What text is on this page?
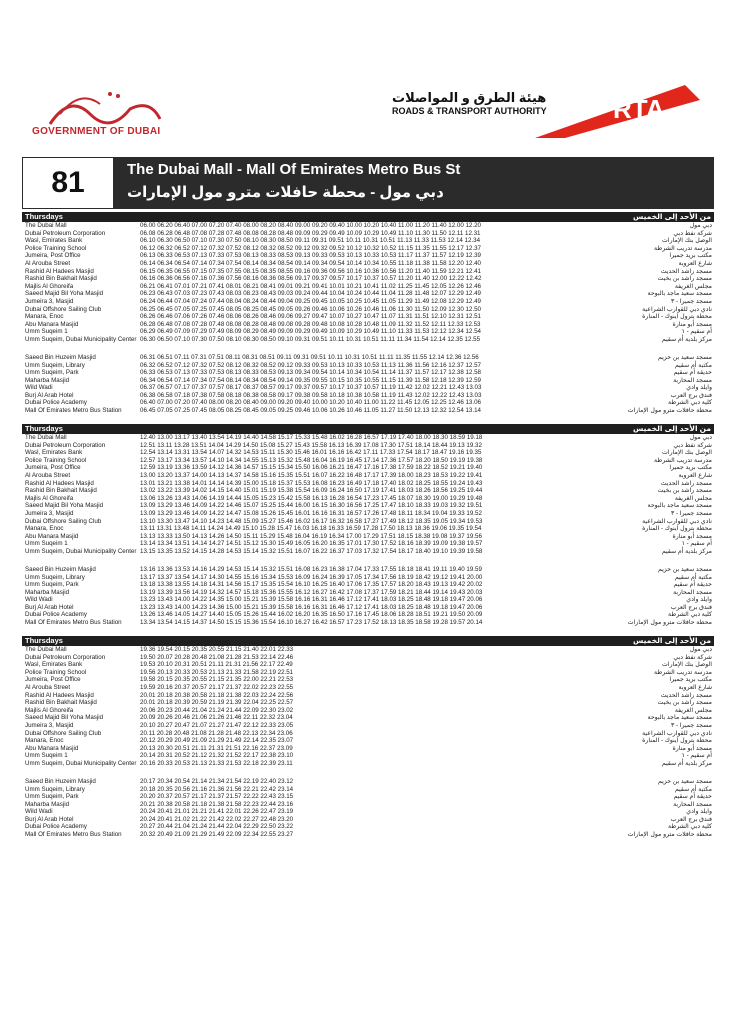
GOVERNMENT OF DUBAI
هيئة الطرق و المواصلات
ROADS & TRANSPORT AUTHORITY	RTA
81	The Dubai Mall - Mall Of Emirates Metro Bus St
دبي مول - محطة حافلات مترو مول الإمارات
Thursdays	من الأحد إلى الخميس
The Dubai Mall	06.00 06.20 06.40 07.00 07.20 07.40 08.00 08.20 08.40 09.00 09.20 09.40 10.00 10.20 10.40 11.00 11.20 11.40 12.00 12.20	دبي مول
Dubai Petroleum Corporation	06.08 06.28 06.48 07.08 07.28 07.48 08.08 08.28 08.48 09.09 09.29 09.49 10.09 10.29 10.49 11.10 11.30 11.50 12.11 12.31	شركة نفط دبي
Wasl, Emirates Bank	06.10 06.30 06.50 07.10 07.30 07.50 08.10 08.30 08.50 09.11 09.31 09.51 10.11 10.31 10.51 11.13 11.33 11.53 12.14 12.34	الوصل بنك الإمارات
Police Training School	06.12 06.32 06.52 07.12 07.32 07.52 08.12 08.32 08.52 09.12 09.32 09.52 10.12 10.32 10.52 11.15 11.35 11.55 12.17 12.37	مدرسة تدريب الشرطة
Jumeira, Post Office	06.13 06.33 06.53 07.13 07.33 07.53 08.13 08.33 08.53 09.13 09.33 09.53 10.13 10.33 10.53 11.17 11.37 11.57 12.19 12.39	مكتب بريد جميرا
Al Arouba Street	06.14 06.34 06.54 07.14 07.34 07.54 08.14 08.34 08.54 09.14 09.34 09.54 10.14 10.34 10.55 11.18 11.38 11.58 12.20 12.40	شارع العروبة
Rashid Al Hadees Masjid	06.15 06.35 06.55 07.15 07.35 07.55 08.15 08.35 08.55 09.16 09.36 09.56 10.16 10.36 10.56 11.20 11.40 11.59 12.21 12.41	مسجد راشد الحديث
Rashid Bin Bakhait Masjid	06.16 06.36 06.56 07.16 07.36 07.56 08.16 08.36 08.56 09.17 09.37 09.57 10.17 10.37 10.57 11.20 11.40 12.00 12.22 12.42	مسجد راشد بن بخيت
Majlis Al Ghoreifa	06.21 06.41 07.01 07.21 07.41 08.01 08.21 08.41 09.01 09.21 09.41 10.01 10.21 10.41 11.02 11.25 11.45 12.05 12.26 12.46	مجلس الغريفة
Saeed Majid Bil Yoha Masjid	06.23 06.43 07.03 07.23 07.43 08.03 08.23 08.43 09.03 09.24 09.44 10.04 10.24 10.44 11.04 11.28 11.48 12.07 12.29 12.49	مسجد سعيد ماجد بالبوحة
Jumeira 3, Masjid	06.24 06.44 07.04 07.24 07.44 08.04 08.24 08.44 09.04 09.25 09.45 10.05 10.25 10.45 11.05 11.29 11.49 12.08 12.29 12.49	مسجد جميرا - ٣
Dubai Offshore Sailing Club	06.25 06.45 07.05 07.25 07.45 08.05 08.25 08.45 09.05 09.26 09.46 10.06 10.26 10.46 11.06 11.30 11.50 12.09 12.30 12.50	نادي دبي للقوارب الشراعية
Manara, Enoc	06.26 06.46 07.06 07.26 07.46 08.06 08.26 08.46 09.06 09.27 09.47 10.07 10.27 10.47 11.07 11.31 11.51 12.10 12.31 12.51	محطة بترول اينوك - المنارة
Abu Manara Masjid	06.28 06.48 07.08 07.28 07.48 08.08 08.28 08.48 09.08 09.28 09.48 10.08 10.28 10.48 11.09 11.32 11.52 12.11 12.33 12.53	مسجد أبو منارة
Umm Suqeim 1	06.29 06.49 07.09 07.29 07.49 08.09 08.29 08.49 09.09 09.29 09.49 10.09 10.29 10.49 11.10 11.33 11.53 12.12 12.34 12.54	أم سقيم - ١
Umm Suqeim, Dubai Municipality Center 06.30 06.50 07.10 07.30 07.50 08.10 08.30 08.50 09.10 09.31 09.51 10.11 10.31 10.51 11.11 11.34 11.54 12.14 12.35 12.55	مركز بلدية أم سقيم
Saeed Bin Huzeim Masjid	06.31 06.51 07.11 07.31 07.51 08.11 08.31 08.51 09.11 09.31 09.51 10.11 10.31 10.51 11.11 11.35 11.55 12.14 12.36 12.56	مسجد سعيد بن حزيم
Umm Suqeim, Library	06.32 06.52 07.12 07.32 07.52 08.12 08.32 08.52 09.12 09.33 09.53 10.13 10.33 10.53 11.13 11.36 11.56 12.16 12.37 12.57	مكتبة أم سقيم
Umm Suqeim, Park	06.33 06.53 07.13 07.33 07.53 08.13 08.33 08.53 09.13 09.34 09.54 10.14 10.34 10.54 11.14 11.37 11.57 12.17 12.38 12.58	حديقة أم سقيم
Maharba Masjid	06.34 06.54 07.14 07.34 07.54 08.14 08.34 08.54 09.14 09.35 09.55 10.15 10.35 10.55 11.15 11.39 11.58 12.18 12.39 12.59	مسجد المحاربة
Wild Wadi	06.37 06.57 07.17 07.37 07.57 08.17 08.37 08.57 09.17 09.37 09.57 10.17 10.37 10.57 11.19 11.42 12.02 12.21 12.43 13.03	وايلد وادي
Burj Al Arab Hotel	06.38 06.58 07.18 07.38 07.58 08.18 08.38 08.58 09.17 09.38 09.58 10.18 10.38 10.58 11.19 11.43 12.02 12.22 12.43 13.03	فندق برج العرب
Dubai Police Academy	06.40 07.00 07.20 07.40 08.00 08.20 08.40 09.00 09.20 09.40 10.00 10.20 10.40 11.00 11.22 11.45 12.05 12.25 12.46 13.06	كلية دبي الشرطة
Mall Of Emirates Metro Bus Station	06.45 07.05 07.25 07.45 08.05 08.25 08.45 09.05 09.25 09.46 10.06 10.26 10.46 11.05 11.27 11.50 12.13 12.32 12.54 13.14	محطة حافلات مترو مول الإمارات
Thursdays	من الأحد إلى الخميس
The Dubai Mall	12.40 13.00 13.17 13.40 13.54 14.19 14.40 14.58 15.17 15.33 15.48 16.02 16.28 16.57 17.19 17.40 18.00 18.30 18.59 19.18	دبي مول
Dubai Petroleum Corporation	12.51 13.11 13.28 13.51 14.04 14.29 14.50 15.08 15.27 15.43 15.58 16.13 16.39 17.08 17.30 17.51 18.14 18.44 19.13 19.32	شركة نفط دبي
Wasl, Emirates Bank	12.54 13.14 13.31 13.54 14.07 14.32 14.53 15.11 15.30 15.46 16.01 16.16 16.42 17.11 17.33 17.54 18.17 18.47 19.16 19.35	الوصل بنك الإمارات
Police Training School	12.57 13.17 13.34 13.57 14.10 14.34 14.55 15.13 15.32 15.48 16.04 16.19 16.45 17.14 17.36 17.57 18.20 18.50 19.19 19.38	مدرسة تدريب الشرطة
Jumeira, Post Office	12.59 13.19 13.36 13.59 14.12 14.36 14.57 15.15 15.34 15.50 16.06 16.21 16.47 17.16 17.38 17.59 18.22 18.52 19.21 19.40	مكتب بريد جميرا
Al Arouba Street	13.00 13.20 13.37 14.00 14.13 14.37 14.58 15.16 15.35 15.51 16.07 16.22 16.48 17.17 17.39 18.00 18.23 18.53 19.22 19.41	شارع العروبة
Rashid Al Hadees Masjid	13.01 13.21 13.38 14.01 14.14 14.39 15.00 15.18 15.37 15.53 16.08 16.23 16.49 17.18 17.40 18.02 18.25 18.55 19.24 19.43	مسجد راشد الحديث
Rashid Bin Bakhait Masjid	13.02 13.22 13.39 14.02 14.15 14.40 15.01 15.19 15.38 15.54 16.09 16.24 16.50 17.19 17.41 18.03 18.26 18.56 19.25 19.44	مسجد راشد بن بخيت
Majlis Al Ghoreifa	13.06 13.26 13.43 14.06 14.19 14.44 15.05 15.23 15.42 15.58 16.13 16.28 16.54 17.23 17.45 18.07 18.30 19.00 19.29 19.48	مجلس الغريفة
Saeed Majid Bil Yoha Masjid	13.09 13.29 13.46 14.09 14.22 14.46 15.07 15.25 15.44 16.00 16.15 16.30 16.56 17.25 17.47 18.10 18.33 19.03 19.32 19.51	مسجد سعيد ماجد بالبوحة
Jumeira 3, Masjid	13.09 13.29 13.46 14.09 14.22 14.47 15.08 15.26 15.45 16.01 16.16 16.31 16.57 17.26 17.48 18.11 18.34 19.04 19.33 19.52	مسجد جميرا - ٣
Dubai Offshore Sailing Club	13.10 13.30 13.47 14.10 14.23 14.48 15.09 15.27 15.46 16.02 16.17 16.32 16.58 17.27 17.49 18.12 18.35 19.05 19.34 19.53	نادي دبي للقوارب الشراعية
Manara, Enoc	13.11 13.31 13.48 14.11 14.24 14.49 15.10 15.28 15.47 16.03 16.18 16.33 16.59 17.28 17.50 18.13 18.36 19.06 19.35 19.54	محطة بترول اينوك - المنارة
Abu Manara Masjid	13.13 13.33 13.50 14.13 14.26 14.50 15.11 15.29 15.48 16.04 16.19 16.34 17.00 17.29 17.51 18.15 18.38 19.08 19.37 19.56	مسجد أبو منارة
Umm Suqeim 1	13.14 13.34 13.51 14.14 14.27 14.51 15.12 15.30 15.49 16.05 16.20 16.35 17.01 17.30 17.52 18.16 18.39 19.09 19.38 19.57	أم سقيم - ١
Umm Suqeim, Dubai Municipality Center 13.15 13.35 13.52 14.15 14.28 14.53 15.14 15.32 15.51 16.07 16.22 16.37 17.03 17.32 17.54 18.17 18.40 19.10 19.39 19.58	مركز بلدية أم سقيم
Saeed Bin Huzeim Masjid	13.16 13.36 13.53 14.16 14.29 14.53 15.14 15.32 15.51 16.08 16.23 16.38 17.04 17.33 17.55 18.18 18.41 19.11 19.40 19.59	مسجد سعيد بن حزيم
Umm Suqeim, Library	13.17 13.37 13.54 14.17 14.30 14.55 15.16 15.34 15.53 16.09 16.24 16.39 17.05 17.34 17.56 18.19 18.42 19.12 19.41 20.00	مكتبة أم سقيم
Umm Suqeim, Park	13.18 13.38 13.55 14.18 14.31 14.56 15.17 15.35 15.54 16.10 16.25 16.40 17.06 17.35 17.57 18.20 18.43 19.13 19.42 20.02	حديقة أم سقيم
Maharba Masjid	13.19 13.39 13.56 14.19 14.32 14.57 15.18 15.36 15.55 16.12 16.27 16.42 17.08 17.37 17.59 18.21 18.44 19.14 19.43 20.03	مسجد المحاربة
Wild Wadi	13.23 13.43 14.00 14.22 14.35 15.00 15.21 15.39 15.58 16.16 16.31 16.46 17.12 17.41 18.03 18.25 18.48 19.18 19.47 20.06	وايلد وادي
Burj Al Arab Hotel	13.23 13.43 14.00 14.23 14.36 15.00 15.21 15.39 15.58 16.16 16.31 16.46 17.12 17.41 18.03 18.25 18.48 19.18 19.47 20.06	فندق برج العرب
Dubai Police Academy	13.26 13.46 14.05 14.27 14.40 15.05 15.26 15.44 16.02 16.20 16.35 16.50 17.16 17.45 18.06 18.28 18.51 19.21 19.50 20.09	كلية دبي الشرطة
Mall Of Emirates Metro Bus Station	13.34 13.54 14.15 14.37 14.50 15.15 15.36 15.54 16.10 16.27 16.42 16.57 17.23 17.52 18.13 18.35 18.58 19.28 19.57 20.14	محطة حافلات مترو مول الإمارات
Thursdays	من الأحد إلى الخميس
The Dubai Mall	19.36 19.54 20.15 20.35 20.55 21.15 21.40 22.01 22.33	دبي مول
Dubai Petroleum Corporation	19.50 20.07 20.28 20.48 21.08 21.28 21.53 22.14 22.46	شركة نفط دبي
Wasl, Emirates Bank	19.53 20.10 20.31 20.51 21.11 21.31 21.56 22.17 22.49	الوصل بنك الإمارات
Police Training School	19.56 20.13 20.33 20.53 21.13 21.33 21.58 22.19 22.51	مدرسة تدريب الشرطة
Jumeira, Post Office	19.58 20.15 20.35 20.55 21.15 21.35 22.00 22.21 22.53	مكتب بريد جميرا
Al Arouba Street	19.59 20.16 20.37 20.57 21.17 21.37 22.02 22.23 22.55	شارع العروبة
Rashid Al Hadees Masjid	20.01 20.18 20.38 20.58 21.18 21.38 22.03 22.24 22.56	مسجد راشد الحديث
Rashid Bin Bakhait Masjid	20.01 20.18 20.39 20.59 21.19 21.39 22.04 22.25 22.57	مسجد راشد بن بخيت
Majlis Al Ghoreifa	20.06 20.23 20.44 21.04 21.24 21.44 22.09 22.30 23.02	مجلس الغريفة
Saeed Majid Bil Yoha Masjid	20.09 20.26 20.46 21.06 21.26 21.46 22.11 22.32 23.04	مسجد سعيد ماجد بالبوحة
Jumeira 3, Masjid	20.10 20.27 20.47 21.07 21.27 21.47 22.12 22.33 23.05	مسجد جميرا - ٣
Dubai Offshore Sailing Club	20.11 20.28 20.48 21.08 21.28 21.48 22.13 22.34 23.06	نادي دبي للقوارب الشراعية
Manara, Enoc	20.12 20.29 20.49 21.09 21.29 21.49 22.14 22.35 23.07	محطة بترول اينوك - المنارة
Abu Manara Masjid	20.13 20.30 20.51 21.11 21.31 21.51 22.16 22.37 23.09	مسجد أبو منارة
Umm Suqeim 1	20.14 20.31 20.52 21.12 21.32 21.52 22.17 22.38 23.10	أم سقيم - ١
Umm Suqeim, Dubai Municipality Center 20.16 20.33 20.53 21.13 21.33 21.53 22.18 22.39 23.11	مركز بلدية أم سقيم
Saeed Bin Huzeim Masjid	20.17 20.34 20.54 21.14 21.34 21.54 22.19 22.40 23.12	مسجد سعيد بن حزيم
Umm Suqeim, Library	20.18 20.35 20.56 21.16 21.36 21.56 22.21 22.42 23.14	مكتبة أم سقيم
Umm Suqeim, Park	20.20 20.37 20.57 21.17 21.37 21.57 22.22 22.43 23.15	حديقة أم سقيم
Maharba Masjid	20.21 20.38 20.58 21.18 21.38 21.58 22.23 22.44 23.16	مسجد المحاربة
Wild Wadi	20.24 20.41 21.01 21.21 21.41 22.01 22.26 22.47 23.19	وايلد وادي
Burj Al Arab Hotel	20.24 20.41 21.02 21.22 21.42 22.02 22.27 22.48 23.20	فندق برج العرب
Dubai Police Academy	20.27 20.44 21.04 21.24 21.44 22.04 22.29 22.50 23.22	كلية دبي الشرطة
Mall Of Emirates Metro Bus Station	20.32 20.49 21.09 21.29 21.49 22.09 22.34 22.55 23.27	محطة حافلات مترو مول الإمارات
